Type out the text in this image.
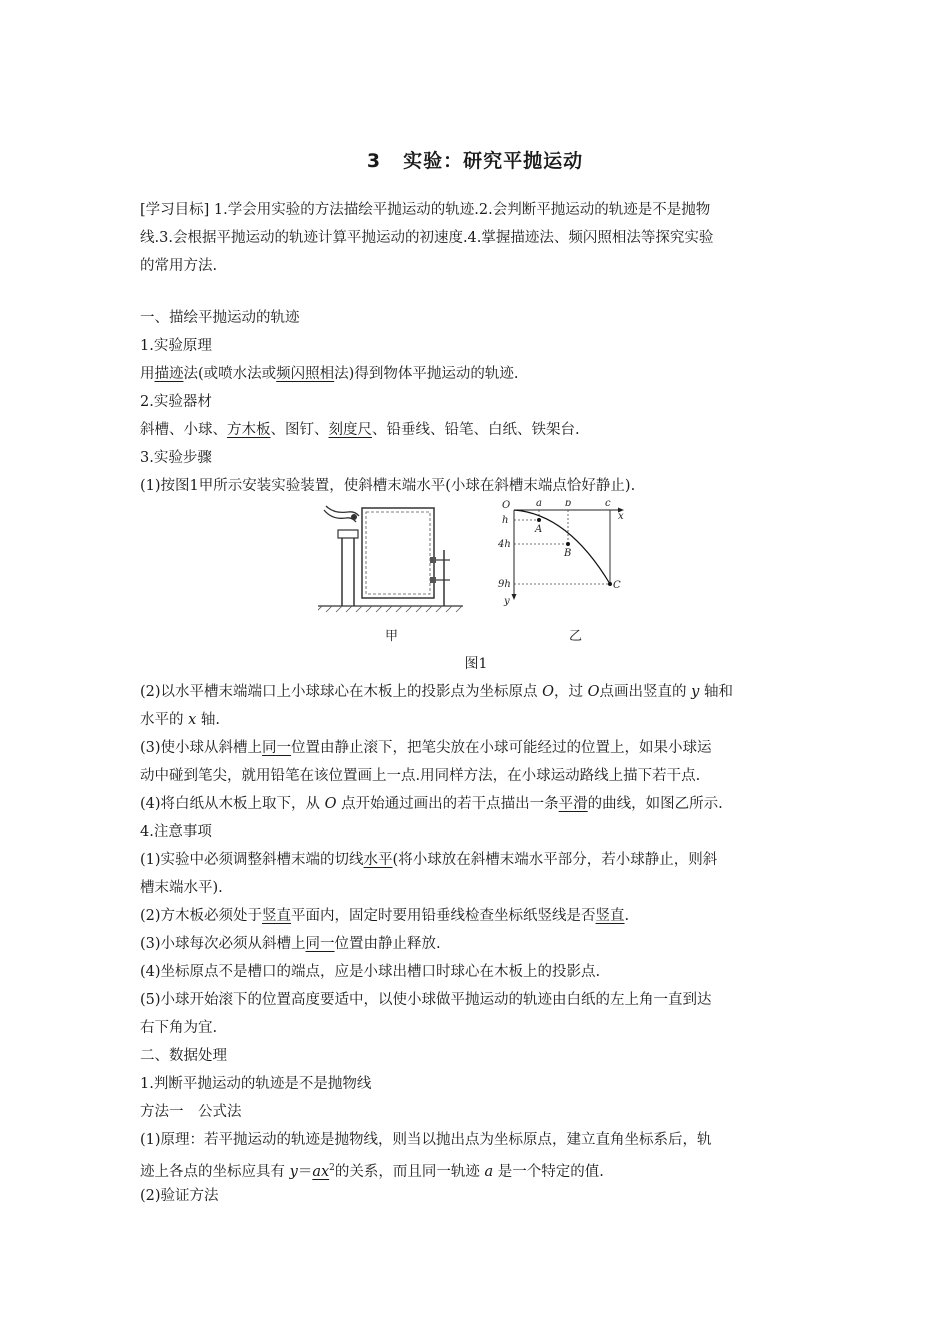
3 实验：研究平抛运动
[学习目标] 1.学会用实验的方法描绘平抛运动的轨迹.2.会判断平抛运动的轨迹是不是抛物
线.3.会根据平抛运动的轨迹计算平抛运动的初速度.4.掌握描迹法、频闪照相法等探究实验
的常用方法.
一、描绘平抛运动的轨迹
1.实验原理
用描迹法(或喷水法或频闪照相法)得到物体平抛运动的轨迹.
2.实验器材
斜槽、小球、方木板、图钉、刻度尺、铅垂线、铅笔、白纸、铁架台.
3.实验步骤
(1)按图1甲所示安装实验装置，使斜槽末端水平(小球在斜槽末端点恰好静止).
O	a b	c
x
y
h
4h
9h
A
B
C
甲	乙
图1
(2)以水平槽末端端口上小球球心在木板上的投影点为坐标原点 O，过 O点画出竖直的 y 轴和
水平的 x 轴.
(3)使小球从斜槽上同一位置由静止滚下，把笔尖放在小球可能经过的位置上，如果小球运
动中碰到笔尖，就用铅笔在该位置画上一点.用同样方法，在小球运动路线上描下若干点.
(4)将白纸从木板上取下，从 O 点开始通过画出的若干点描出一条平滑的曲线，如图乙所示.
4.注意事项
(1)实验中必须调整斜槽末端的切线水平(将小球放在斜槽末端水平部分，若小球静止，则斜
槽末端水平).
(2)方木板必须处于竖直平面内，固定时要用铅垂线检查坐标纸竖线是否竖直.
(3)小球每次必须从斜槽上同一位置由静止释放.
(4)坐标原点不是槽口的端点，应是小球出槽口时球心在木板上的投影点.
(5)小球开始滚下的位置高度要适中，以使小球做平抛运动的轨迹由白纸的左上角一直到达
右下角为宜.
二、数据处理
1.判断平抛运动的轨迹是不是抛物线
方法一　公式法
(1)原理：若平抛运动的轨迹是抛物线，则当以抛出点为坐标原点，建立直角坐标系后，轨
迹上各点的坐标应具有 $y=ax^2$的关系，而且同一轨迹 a 是一个特定的值.
(2)验证方法
